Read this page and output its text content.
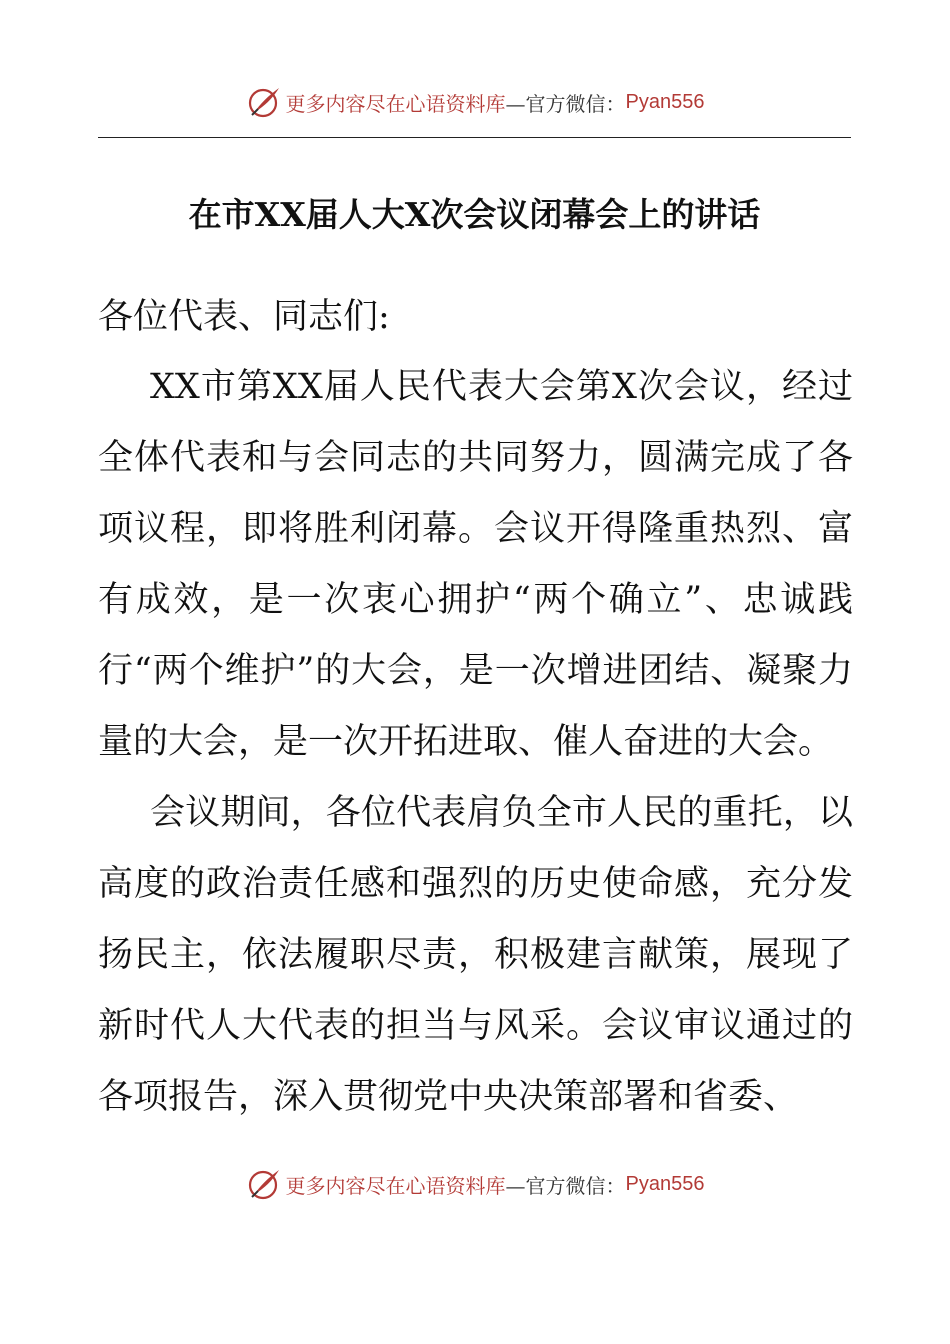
更多内容尽在心语资料库 —官方微信： Pyan556
在市XX届人大X次会议闭幕会上的讲话

各位代表、同志们:

XX市第XX届人民代表大会第X次会议，经过全体代表和与会同志的共同努力，圆满完成了各项议程，即将胜利闭幕。会议开得隆重热烈、富有成效，是一次衷心拥护“两个确立”、忠诚践行“两个维护”的大会，是一次增进团结、凝聚力量的大会，是一次开拓进取、催人奋进的大会。

会议期间，各位代表肩负全市人民的重托，以高度的政治责任感和强烈的历史使命感，充分发扬民主，依法履职尽责，积极建言献策，展现了新时代人大代表的担当与风采。会议审议通过的各项报告，深入贯彻党中央决策部署和省委、

更多内容尽在心语资料库 —官方微信： Pyan556
